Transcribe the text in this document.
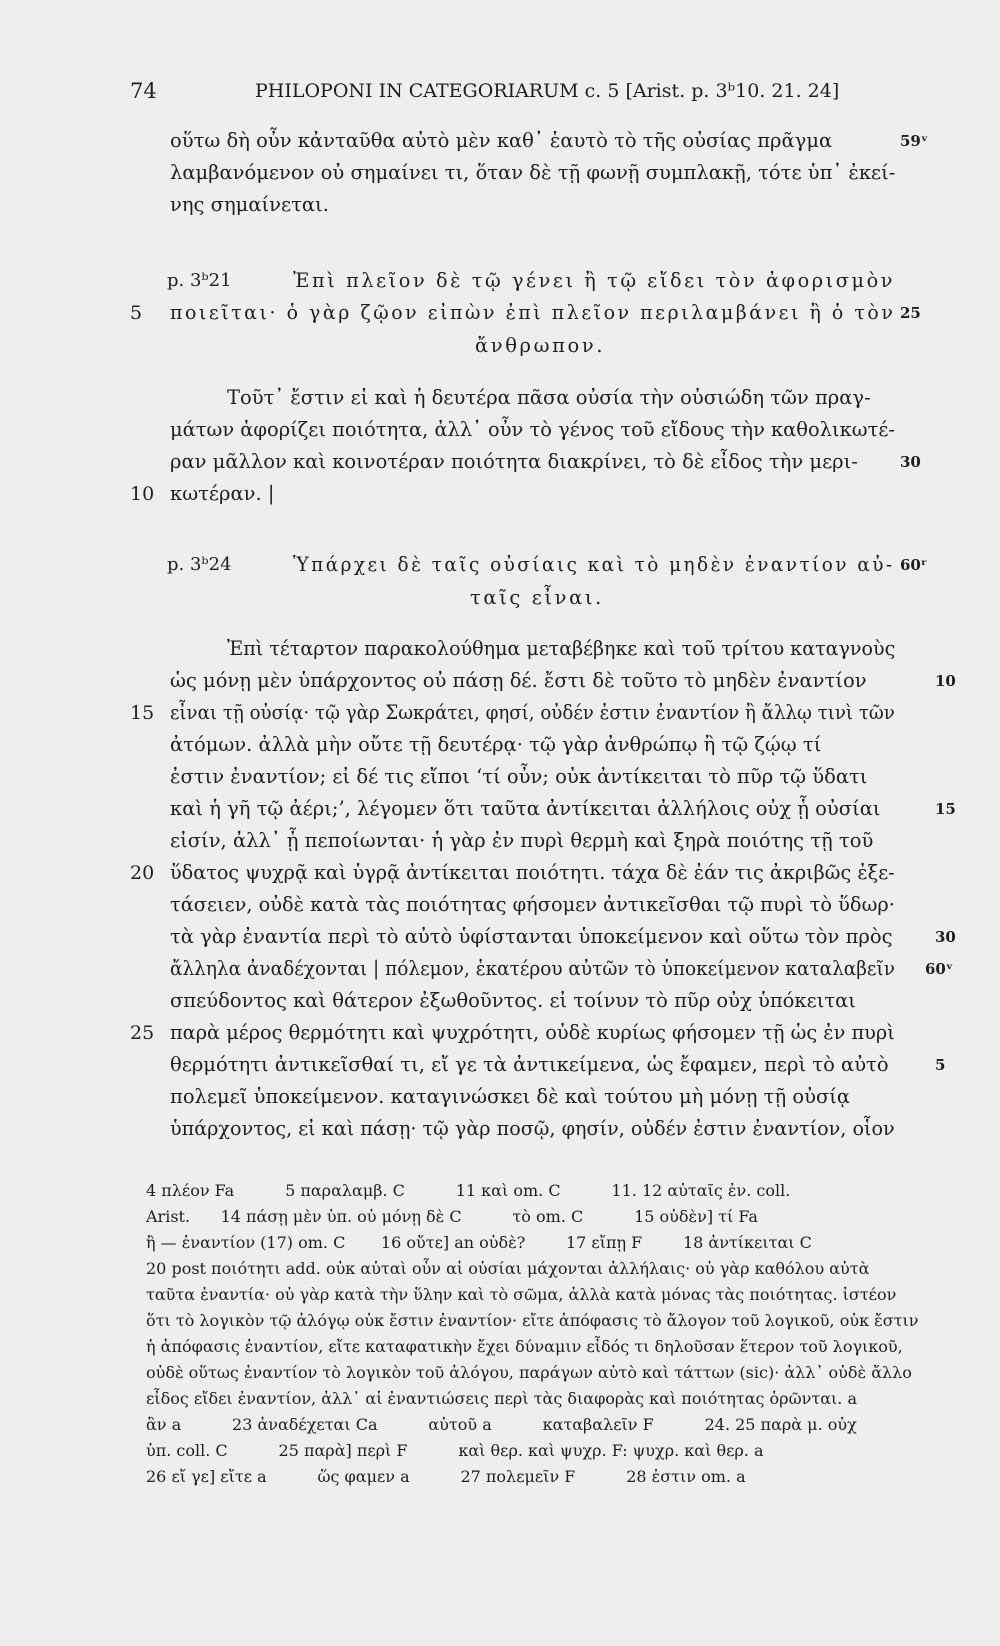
74	PHILOPONI IN CATEGORIARUM c. 5 [Arist. p. 3ᵇ10. 21. 24]
οὕτω δὴ οὖν κἀνταῦθα αὐτὸ μὲν καθ᾿ ἑαυτὸ τὸ τῆς οὐσίας πρᾶγμα	59ᵛ
λαμβανόμενον οὐ σημαίνει τι, ὅταν δὲ τῇ φωνῇ συμπλακῇ, τότε ὑπ᾿ ἐκεί-
νης σημαίνεται.
p. 3ᵇ21	Ἐπὶ πλεῖον δὲ τῷ γένει ἢ τῷ εἴδει τὸν ἀφορισμὸν
5 ποιεῖται· ὁ γὰρ ζῷον εἰπὼν ἐπὶ πλεῖον περιλαμβάνει ἢ ὁ τὸν 25
ἄνθρωπον.
Τοῦτ᾿ ἔστιν εἰ καὶ ἡ δευτέρα πᾶσα οὐσία τὴν οὐσιώδη τῶν πραγ-
μάτων ἀφορίζει ποιότητα, ἀλλ᾿ οὖν τὸ γένος τοῦ εἴδους τὴν καθολικωτέ-
ραν μᾶλλον καὶ κοινοτέραν ποιότητα διακρίνει, τὸ δὲ εἶδος τὴν μερι-	30
10 κωτέραν. |
p. 3ᵇ24	Ὑπάρχει δὲ ταῖς οὐσίαις καὶ τὸ μηδὲν ἐναντίον αὐ- 60ʳ
ταῖς εἶναι.
Ἐπὶ τέταρτον παρακολούθημα μεταβέβηκε καὶ τοῦ τρίτου καταγνοὺς
ὡς μόνῃ μὲν ὑπάρχοντος οὐ πάσῃ δέ. ἔστι δὲ τοῦτο τὸ μηδὲν ἐναντίον	10
15 εἶναι τῇ οὐσίᾳ· τῷ γὰρ Σωκράτει, φησί, οὐδέν ἐστιν ἐναντίον ἢ ἄλλῳ τινὶ τῶν
ἀτόμων. ἀλλὰ μὴν οὔτε τῇ δευτέρᾳ· τῷ γὰρ ἀνθρώπῳ ἢ τῷ ζῴῳ τί
ἐστιν ἐναντίον; εἰ δέ τις εἴποι ‘τί οὖν; οὐκ ἀντίκειται τὸ πῦρ τῷ ὕδατι
καὶ ἡ γῆ τῷ ἀέρι;’, λέγομεν ὅτι ταῦτα ἀντίκειται ἀλλήλοις οὐχ ᾗ οὐσίαι	15
εἰσίν, ἀλλ᾿ ᾗ πεποίωνται· ἡ γὰρ ἐν πυρὶ θερμὴ καὶ ξηρὰ ποιότης τῇ τοῦ
20 ὕδατος ψυχρᾷ καὶ ὑγρᾷ ἀντίκειται ποιότητι. τάχα δὲ ἐάν τις ἀκριβῶς ἐξε-
τάσειεν, οὐδὲ κατὰ τὰς ποιότητας φήσομεν ἀντικεῖσθαι τῷ πυρὶ τὸ ὕδωρ·
τὰ γὰρ ἐναντία περὶ τὸ αὐτὸ ὑφίστανται ὑποκείμενον καὶ οὕτω τὸν πρὸς	30
ἄλληλα ἀναδέχονται | πόλεμον, ἑκατέρου αὐτῶν τὸ ὑποκείμενον καταλαβεῖν 60ᵛ
σπεύδοντος καὶ θάτερον ἐξωθοῦντος. εἰ τοίνυν τὸ πῦρ οὐχ ὑπόκειται
25 παρὰ μέρος θερμότητι καὶ ψυχρότητι, οὐδὲ κυρίως φήσομεν τῇ ὡς ἐν πυρὶ
θερμότητι ἀντικεῖσθαί τι, εἴ γε τὰ ἀντικείμενα, ὡς ἔφαμεν, περὶ τὸ αὐτὸ	5
πολεμεῖ ὑποκείμενον. καταγινώσκει δὲ καὶ τούτου μὴ μόνῃ τῇ οὐσίᾳ
ὑπάρχοντος, εἰ καὶ πάσῃ· τῷ γὰρ ποσῷ, φησίν, οὐδέν ἐστιν ἐναντίον, οἷον
4 πλέον Fa          5 παραλαμβ. C          11 καὶ om. C          11. 12 αὐταῖς ἐν. coll.
Arist.      14 πάσῃ μὲν ὑπ. οὐ μόνῃ δὲ C          τὸ om. C          15 οὐδὲν] τί Fa
ἢ — ἐναντίον (17) om. C       16 οὔτε] an οὐδὲ?        17 εἴπῃ F        18 ἀντίκειται C
20 post ποιότητι add. οὐκ αὐταὶ οὖν αἱ οὐσίαι μάχονται ἀλλήλαις· οὐ γὰρ καθόλου αὐτὰ
ταῦτα ἐναντία· οὐ γὰρ κατὰ τὴν ὕλην καὶ τὸ σῶμα, ἀλλὰ κατὰ μόνας τὰς ποιότητας. ἰστέον
ὅτι τὸ λογικὸν τῷ ἀλόγῳ οὐκ ἔστιν ἐναντίον· εἴτε ἀπόφασις τὸ ἄλογον τοῦ λογικοῦ, οὐκ ἔστιν
ἡ ἀπόφασις ἐναντίον, εἴτε καταφατικὴν ἔχει δύναμιν εἶδός τι δηλοῦσαν ἕτερον τοῦ λογικοῦ,
οὐδὲ οὕτως ἐναντίον τὸ λογικὸν τοῦ ἀλόγου, παράγων αὐτὸ καὶ τάττων (sic)· ἀλλ᾿ οὐδὲ ἄλλο
εἶδος εἴδει ἐναντίον, ἀλλ᾿ αἱ ἐναντιώσεις περὶ τὰς διαφορὰς καὶ ποιότητας ὁρῶνται. a
ἂν a          23 ἀναδέχεται Ca          αὐτοῦ a          καταβαλεῖν F          24. 25 παρὰ μ. οὐχ
ὑπ. coll. C          25 παρὰ] περὶ F          καὶ θερ. καὶ ψυχρ. F: ψυχρ. καὶ θερ. a
26 εἴ γε] εἴτε a          ὥς φαμεν a          27 πολεμεῖν F          28 ἐστιν om. a
